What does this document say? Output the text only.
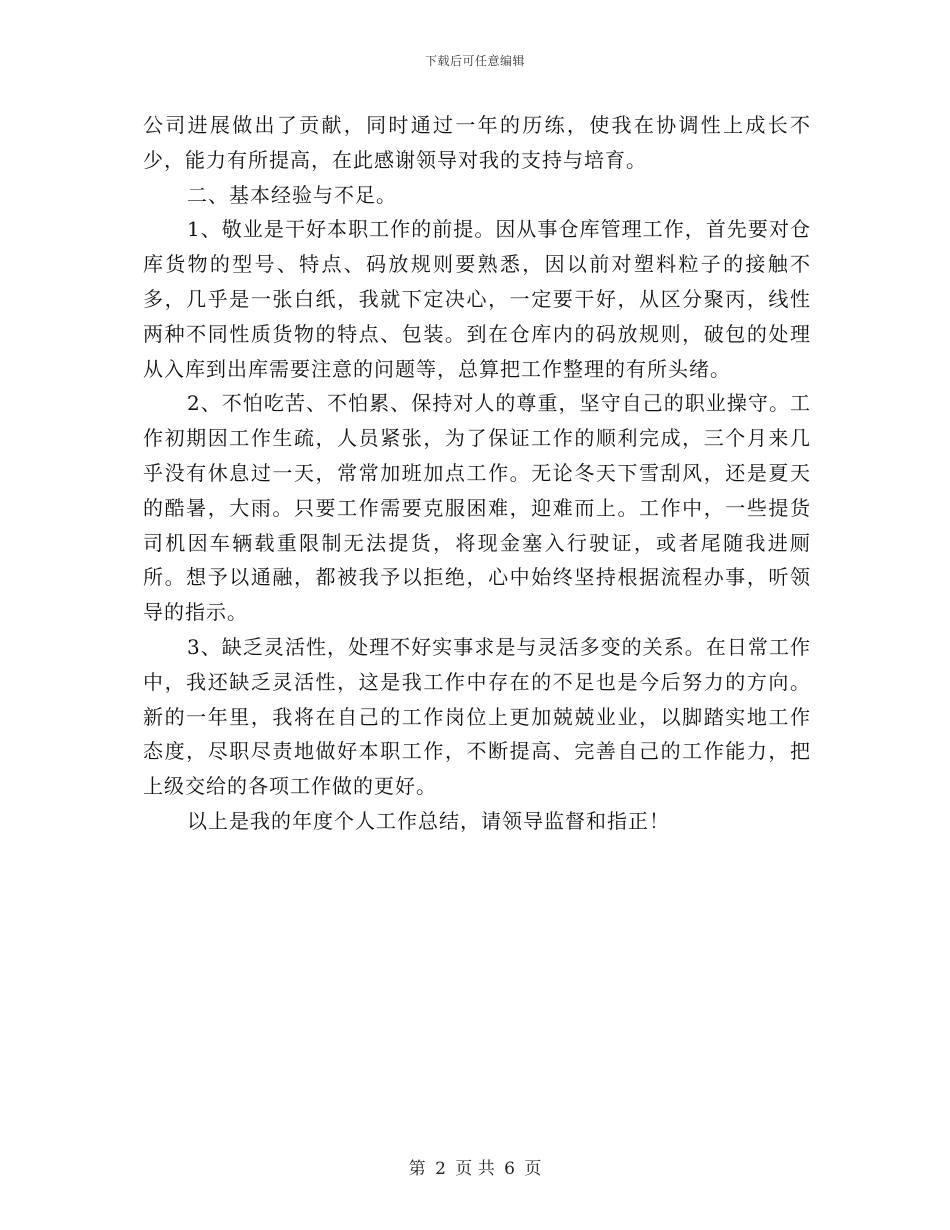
下载后可任意编辑

公司进展做出了贡献，同时通过一年的历练，使我在协调性上成长不少，能力有所提高，在此感谢领导对我的支持与培育。

二、基本经验与不足。

1、敬业是干好本职工作的前提。因从事仓库管理工作，首先要对仓库货物的型号、特点、码放规则要熟悉，因以前对塑料粒子的接触不多，几乎是一张白纸，我就下定决心，一定要干好，从区分聚丙，线性两种不同性质货物的特点、包装。到在仓库内的码放规则，破包的处理从入库到出库需要注意的问题等，总算把工作整理的有所头绪。

2、不怕吃苦、不怕累、保持对人的尊重，坚守自己的职业操守。工作初期因工作生疏，人员紧张，为了保证工作的顺利完成，三个月来几乎没有休息过一天，常常加班加点工作。无论冬天下雪刮风，还是夏天的酷暑，大雨。只要工作需要克服困难，迎难而上。工作中，一些提货司机因车辆载重限制无法提货，将现金塞入行驶证，或者尾随我进厕所。想予以通融，都被我予以拒绝，心中始终坚持根据流程办事，听领导的指示。

3、缺乏灵活性，处理不好实事求是与灵活多变的关系。在日常工作中，我还缺乏灵活性，这是我工作中存在的不足也是今后努力的方向。新的一年里，我将在自己的工作岗位上更加兢兢业业，以脚踏实地工作态度，尽职尽责地做好本职工作，不断提高、完善自己的工作能力，把上级交给的各项工作做的更好。

以上是我的年度个人工作总结，请领导监督和指正！

第 2 页 共 6 页
